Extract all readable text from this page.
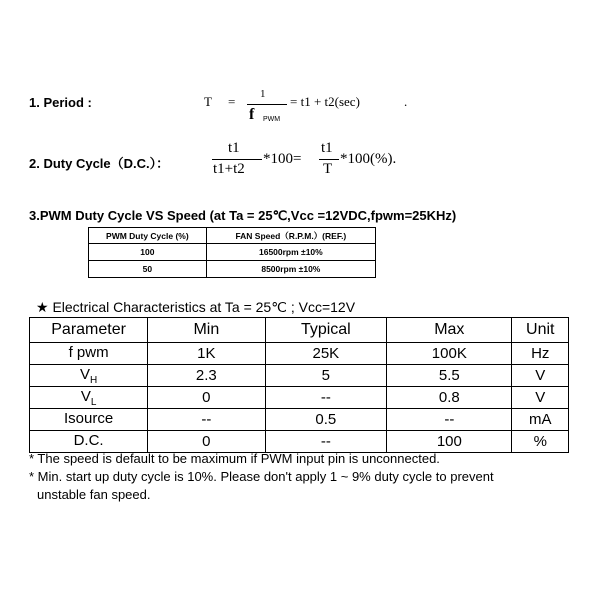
1. Period :	T = 1
f PWM
= t1 + t2(sec)	.
2. Duty Cycle（D.C.）：
t1
t1+t2
*100=
t1
T
*100(%).
3.PWM Duty Cycle VS Speed (at Ta = 25℃,Vcc =12VDC,fpwm=25KHz)
PWM Duty Cycle (%)	FAN Speed（R.P.M.）(REF.)
100	16500rpm ±10%
50	8500rpm ±10%
★ Electrical Characteristics at Ta = 25℃ ; Vcc=12V
Parameter	Min	Typical	Max	Unit
f pwm	1K	25K	100K	Hz
$V_H$	2.3	5	5.5	V
$V_L$	0	--	0.8	V
Isource	--	0.5	--	mA
D.C.	0	--	100	%
* The speed is default to be maximum if PWM input pin is unconnected.
* Min. start up duty cycle is 10%. Please don't apply 1 ~ 9% duty cycle to prevent
unstable fan speed.
